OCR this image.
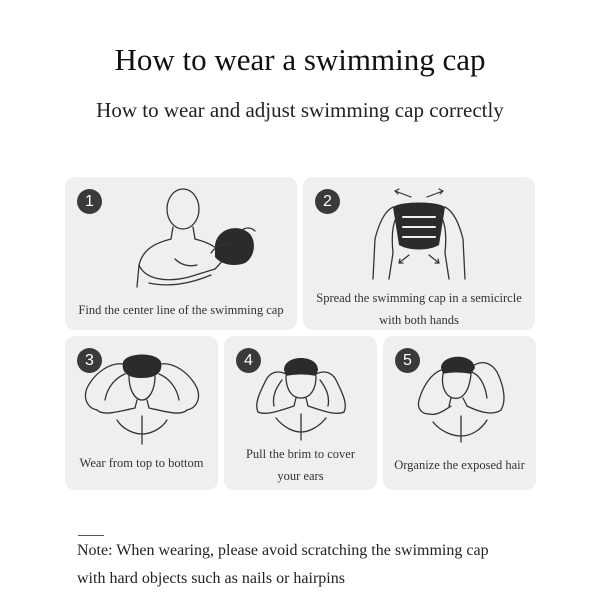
How to wear a swimming cap
How to wear and adjust swimming cap correctly
1
Find the center line of the swimming cap
2
Spread the swimming cap in a semicircle
with both hands
3
Wear from top to bottom
4
Pull the brim to cover
your ears
5
Organize the exposed hair
Note: When wearing, please avoid scratching the swimming cap
with hard objects such as nails or hairpins
